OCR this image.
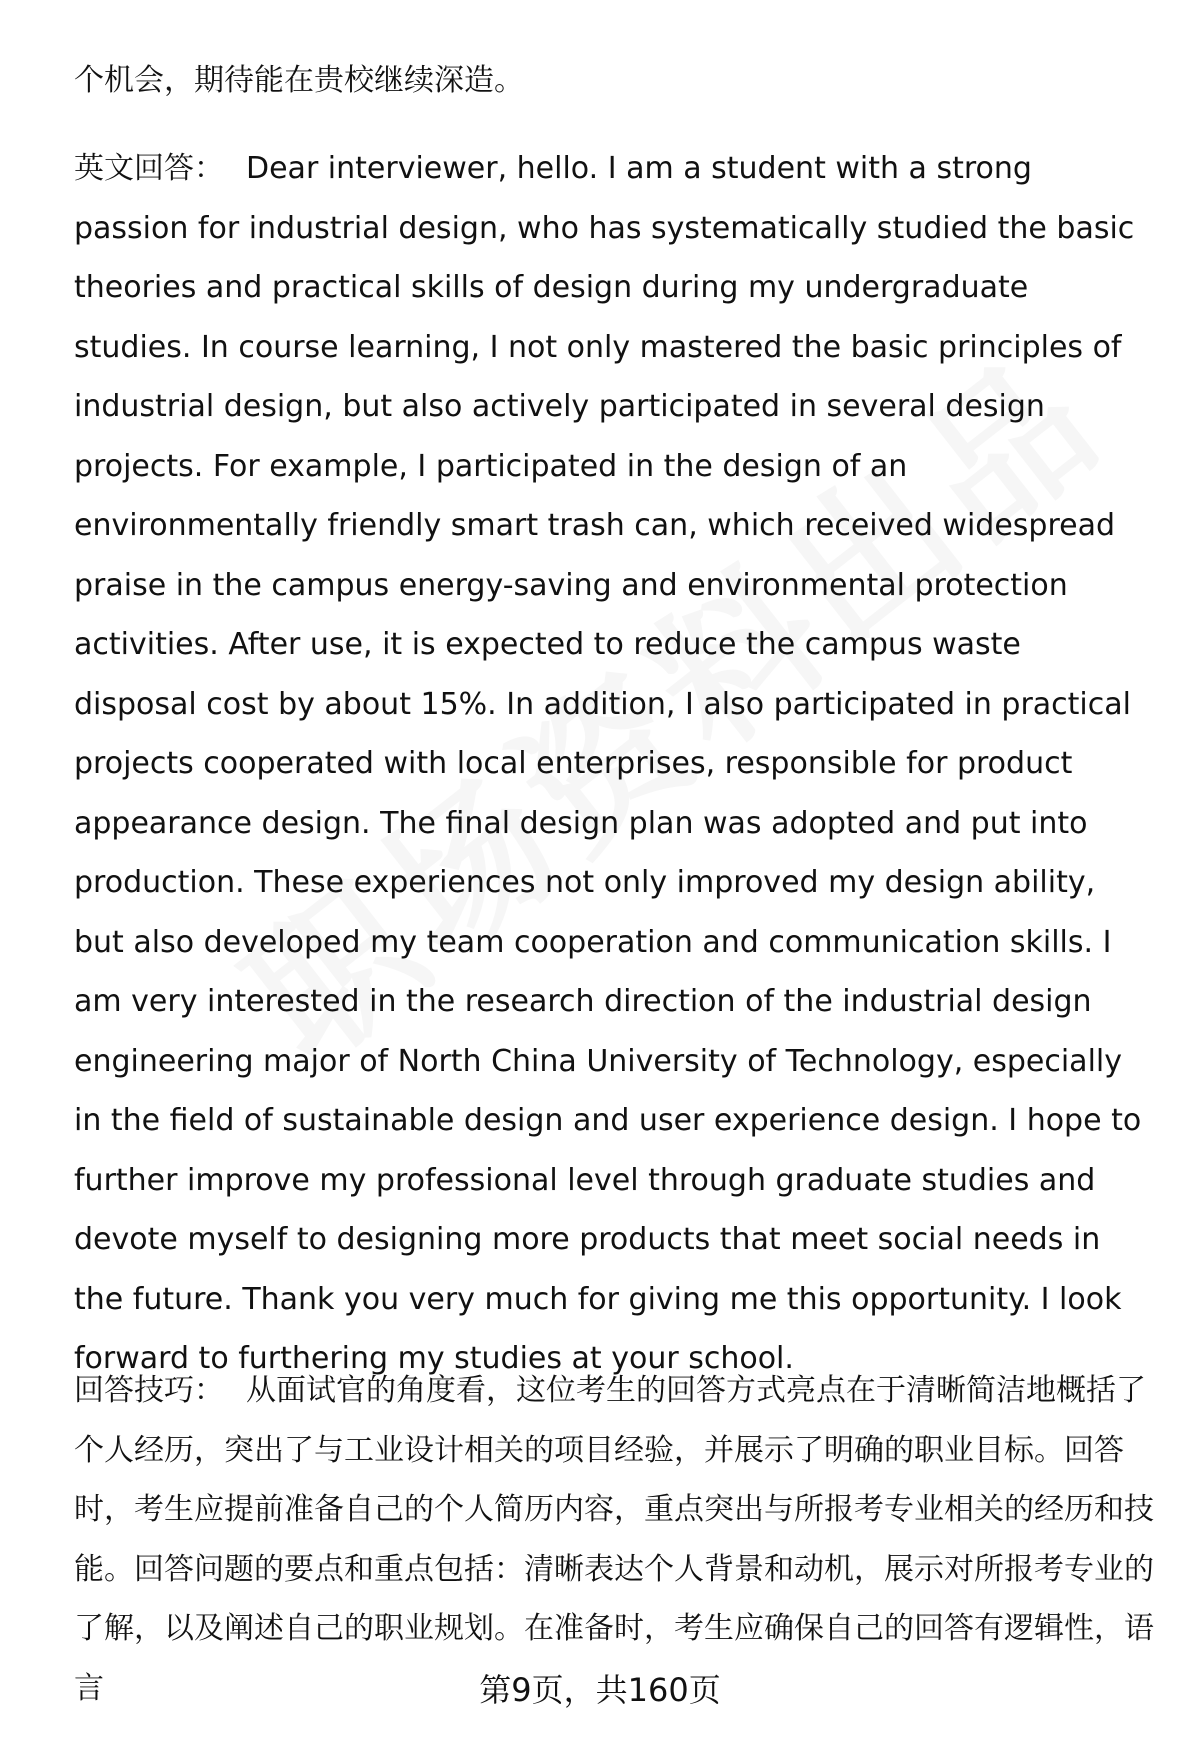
个机会，期待能在贵校继续深造。

英文回答： Dear interviewer, hello. I am a student with a strong passion for industrial design, who has systematically studied the basic theories and practical skills of design during my undergraduate studies. In course learning, I not only mastered the basic principles of industrial design, but also actively participated in several design projects. For example, I participated in the design of an environmentally friendly smart trash can, which received widespread praise in the campus energy-saving and environmental protection activities. After use, it is expected to reduce the campus waste disposal cost by about 15%. In addition, I also participated in practical projects cooperated with local enterprises, responsible for product appearance design. The final design plan was adopted and put into production. These experiences not only improved my design ability, but also developed my team cooperation and communication skills. I am very interested in the research direction of the industrial design engineering major of North China University of Technology, especially in the field of sustainable design and user experience design. I hope to further improve my professional level through graduate studies and devote myself to designing more products that meet social needs in the future. Thank you very much for giving me this opportunity. I look forward to furthering my studies at your school.

回答技巧： 从面试官的角度看，这位考生的回答方式亮点在于清晰简洁地概括了个人经历，突出了与工业设计相关的项目经验，并展示了明确的职业目标。回答时，考生应提前准备自己的个人简历内容，重点突出与所报考专业相关的经历和技能。回答问题的要点和重点包括：清晰表达个人背景和动机，展示对所报考专业的了解，以及阐述自己的职业规划。在准备时，考生应确保自己的回答有逻辑性，语言	第9页，共160页
